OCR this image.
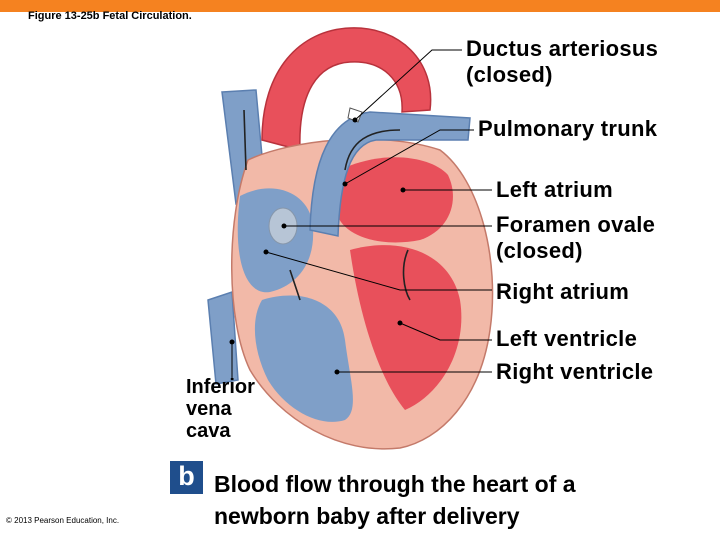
Figure 13-25b Fetal Circulation.
Ductus arteriosus
(closed)
Pulmonary trunk
Left atrium
Foramen ovale
(closed)
Right atrium
Left ventricle
Right ventricle
Inferior
vena
cava
b Blood flow through the heart of a
newborn baby after delivery
© 2013 Pearson Education, Inc.
